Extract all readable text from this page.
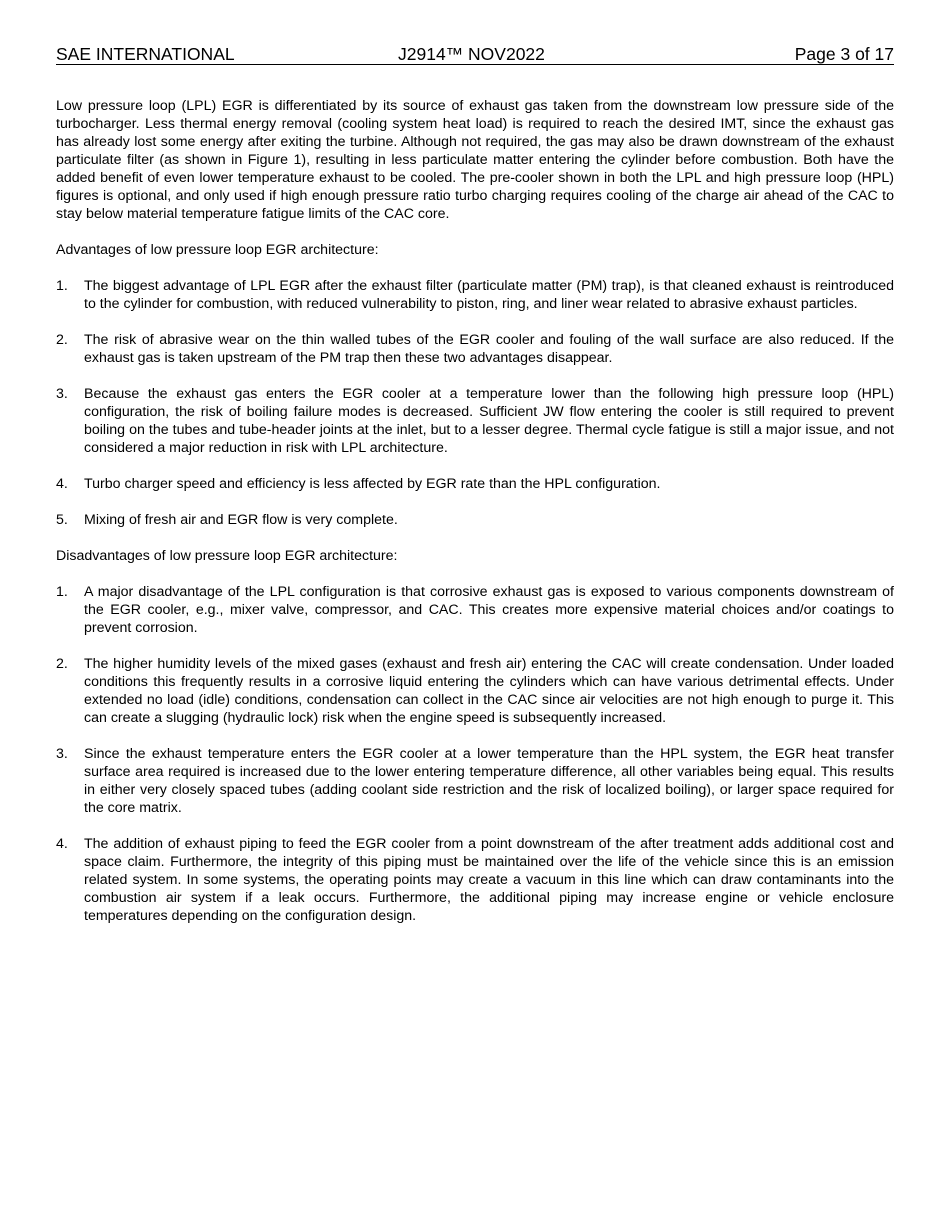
SAE INTERNATIONAL	J2914™ NOV2022	Page 3 of 17

Low pressure loop (LPL) EGR is differentiated by its source of exhaust gas taken from the downstream low pressure side of the turbocharger. Less thermal energy removal (cooling system heat load) is required to reach the desired IMT, since the exhaust gas has already lost some energy after exiting the turbine. Although not required, the gas may also be drawn downstream of the exhaust particulate filter (as shown in Figure 1), resulting in less particulate matter entering the cylinder before combustion. Both have the added benefit of even lower temperature exhaust to be cooled. The pre-cooler shown in both the LPL and high pressure loop (HPL) figures is optional, and only used if high enough pressure ratio turbo charging requires cooling of the charge air ahead of the CAC to stay below material temperature fatigue limits of the CAC core.

Advantages of low pressure loop EGR architecture:

1. The biggest advantage of LPL EGR after the exhaust filter (particulate matter (PM) trap), is that cleaned exhaust is reintroduced to the cylinder for combustion, with reduced vulnerability to piston, ring, and liner wear related to abrasive exhaust particles.
2. The risk of abrasive wear on the thin walled tubes of the EGR cooler and fouling of the wall surface are also reduced. If the exhaust gas is taken upstream of the PM trap then these two advantages disappear.
3. Because the exhaust gas enters the EGR cooler at a temperature lower than the following high pressure loop (HPL) configuration, the risk of boiling failure modes is decreased. Sufficient JW flow entering the cooler is still required to prevent boiling on the tubes and tube-header joints at the inlet, but to a lesser degree. Thermal cycle fatigue is still a major issue, and not considered a major reduction in risk with LPL architecture.
4. Turbo charger speed and efficiency is less affected by EGR rate than the HPL configuration.
5. Mixing of fresh air and EGR flow is very complete.

Disadvantages of low pressure loop EGR architecture:

1. A major disadvantage of the LPL configuration is that corrosive exhaust gas is exposed to various components downstream of the EGR cooler, e.g., mixer valve, compressor, and CAC. This creates more expensive material choices and/or coatings to prevent corrosion.
2. The higher humidity levels of the mixed gases (exhaust and fresh air) entering the CAC will create condensation. Under loaded conditions this frequently results in a corrosive liquid entering the cylinders which can have various detrimental effects. Under extended no load (idle) conditions, condensation can collect in the CAC since air velocities are not high enough to purge it. This can create a slugging (hydraulic lock) risk when the engine speed is subsequently increased.
3. Since the exhaust temperature enters the EGR cooler at a lower temperature than the HPL system, the EGR heat transfer surface area required is increased due to the lower entering temperature difference, all other variables being equal. This results in either very closely spaced tubes (adding coolant side restriction and the risk of localized boiling), or larger space required for the core matrix.
4. The addition of exhaust piping to feed the EGR cooler from a point downstream of the after treatment adds additional cost and space claim. Furthermore, the integrity of this piping must be maintained over the life of the vehicle since this is an emission related system. In some systems, the operating points may create a vacuum in this line which can draw contaminants into the combustion air system if a leak occurs. Furthermore, the additional piping may increase engine or vehicle enclosure temperatures depending on the configuration design.
